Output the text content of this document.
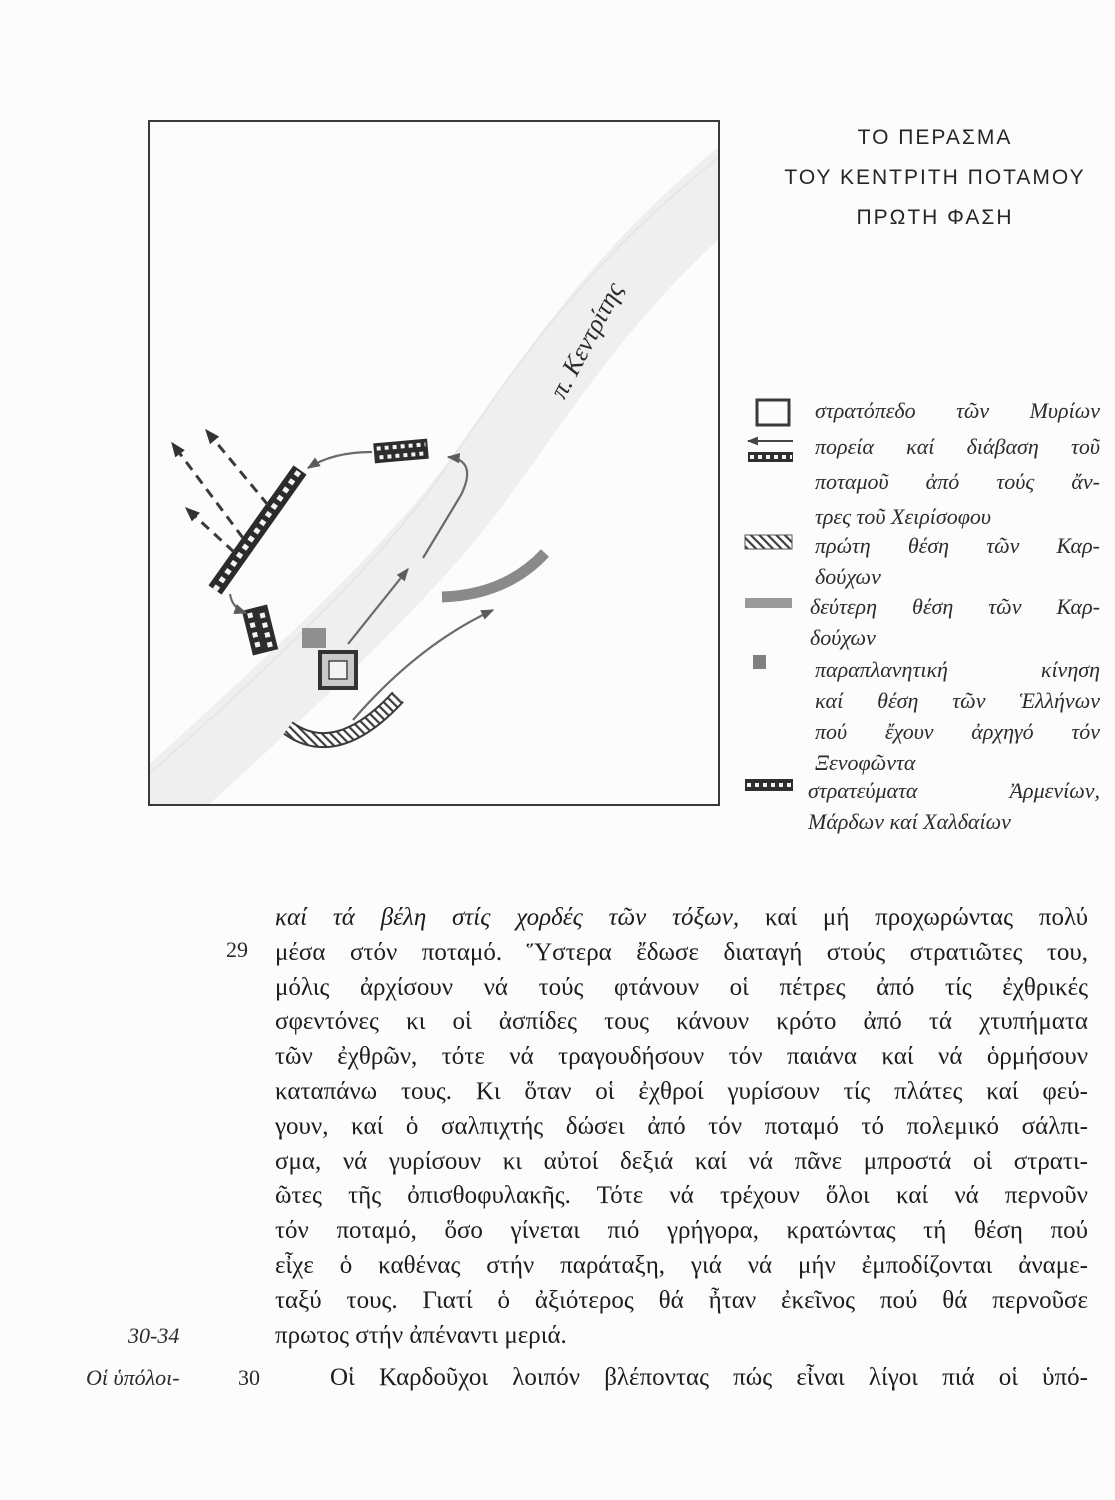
π. Κεντρίτης
ΤΟ ΠΕΡΑΣΜΑ
ΤΟΥ ΚΕΝΤΡΙΤΗ ΠΟΤΑΜΟΥ
ΠΡΩΤΗ ΦΑΣΗ
στρατόπεδο τῶν Μυρίων
πορεία καί διάβαση τοῦ
ποταμοῦ ἀπό τούς ἄν-
τρες τοῦ Χειρίσοφου
πρώτη θέση τῶν Καρ-
δούχων
δεύτερη θέση τῶν Καρ-
δούχων
παραπλανητική κίνηση
καί θέση τῶν Ἑλλήνων
πού ἔχουν ἀρχηγό τόν
Ξενοφῶντα
στρατεύματα Ἀρμενίων,
Μάρδων καί Χαλδαίων
καί τά βέλη στίς χορδές τῶν τόξων, καί μή προχωρώντας πολύ
μέσα στόν ποταμό. Ὕστερα ἔδωσε διαταγή στούς στρατιῶτες του,
μόλις ἀρχίσουν νά τούς φτάνουν οἱ πέτρες ἀπό τίς ἐχθρικές
σφεντόνες κι οἱ ἀσπίδες τους κάνουν κρότο ἀπό τά χτυπήματα
τῶν ἐχθρῶν, τότε νά τραγουδήσουν τόν παιάνα καί νά ὁρμήσουν
καταπάνω τους. Κι ὅταν οἱ ἐχθροί γυρίσουν τίς πλάτες καί φεύ-
γουν, καί ὁ σαλπιχτής δώσει ἀπό τόν ποταμό τό πολεμικό σάλπι-
σμα, νά γυρίσουν κι αὐτοί δεξιά καί νά πᾶνε μπροστά οἱ στρατι-
ῶτες τῆς ὀπισθοφυλακῆς. Τότε νά τρέχουν ὅλοι καί νά περνοῦν
τόν ποταμό, ὅσο γίνεται πιό γρήγορα, κρατώντας τή θέση πού
εἶχε ὁ καθένας στήν παράταξη, γιά νά μήν ἐμποδίζονται ἀναμε-
ταξύ τους. Γιατί ὁ ἀξιότερος θά ἦταν ἐκεῖνος πού θά περνοῦσε
πρωτος στήν ἀπέναντι μεριά.
Οἱ Καρδοῦχοι λοιπόν βλέποντας πώς εἶναι λίγοι πιά οἱ ὑπό-
29
30
30-34
Οἱ ὑπόλοι-
